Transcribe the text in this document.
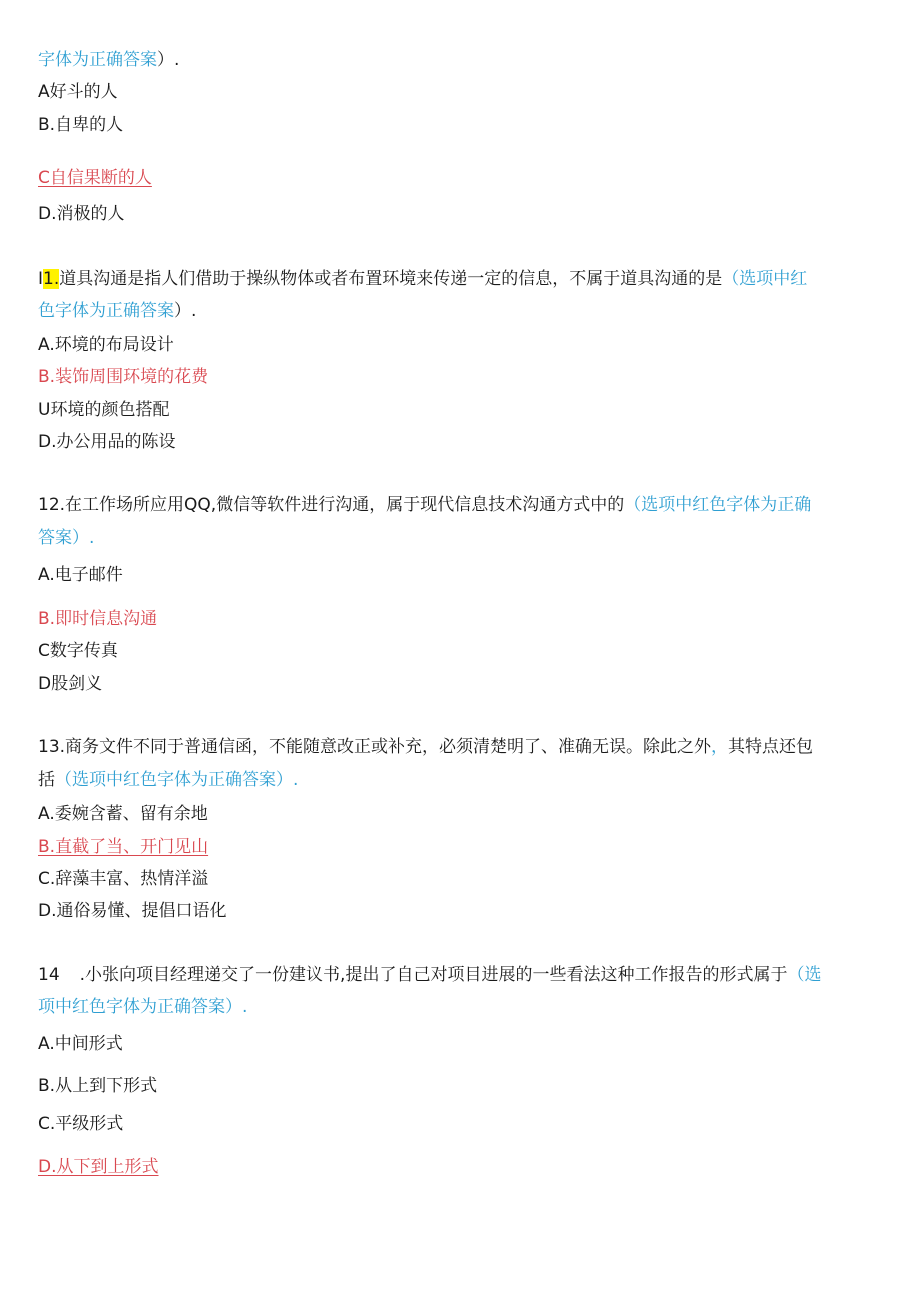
字体为正确答案）.
A好斗的人
B.自卑的人
C自信果断的人
D.消极的人
I1.道具沟通是指人们借助于操纵物体或者布置环境来传递一定的信息，不属于道具沟通的是（选项中红
色字体为正确答案）.
A.环境的布局设计
B.装饰周围环境的花费
U环境的颜色搭配
D.办公用品的陈设
12.在工作场所应用QQ,微信等软件进行沟通，属于现代信息技术沟通方式中的（选项中红色字体为正确
答案）.
A.电子邮件
B.即时信息沟通
C数字传真
D股剑义
13.商务文件不同于普通信函，不能随意改正或补充，必须清楚明了、准确无误。除此之外，其特点还包
括（选项中红色字体为正确答案）.
A.委婉含蓄、留有余地
B.直截了当、开门见山
C.辞藻丰富、热情洋溢
D.通俗易懂、提倡口语化
14 .小张向项目经理递交了一份建议书,提出了自己对项目进展的一些看法这种工作报告的形式属于（选
项中红色字体为正确答案）.
A.中间形式
B.从上到下形式
C.平级形式
D.从下到上形式
